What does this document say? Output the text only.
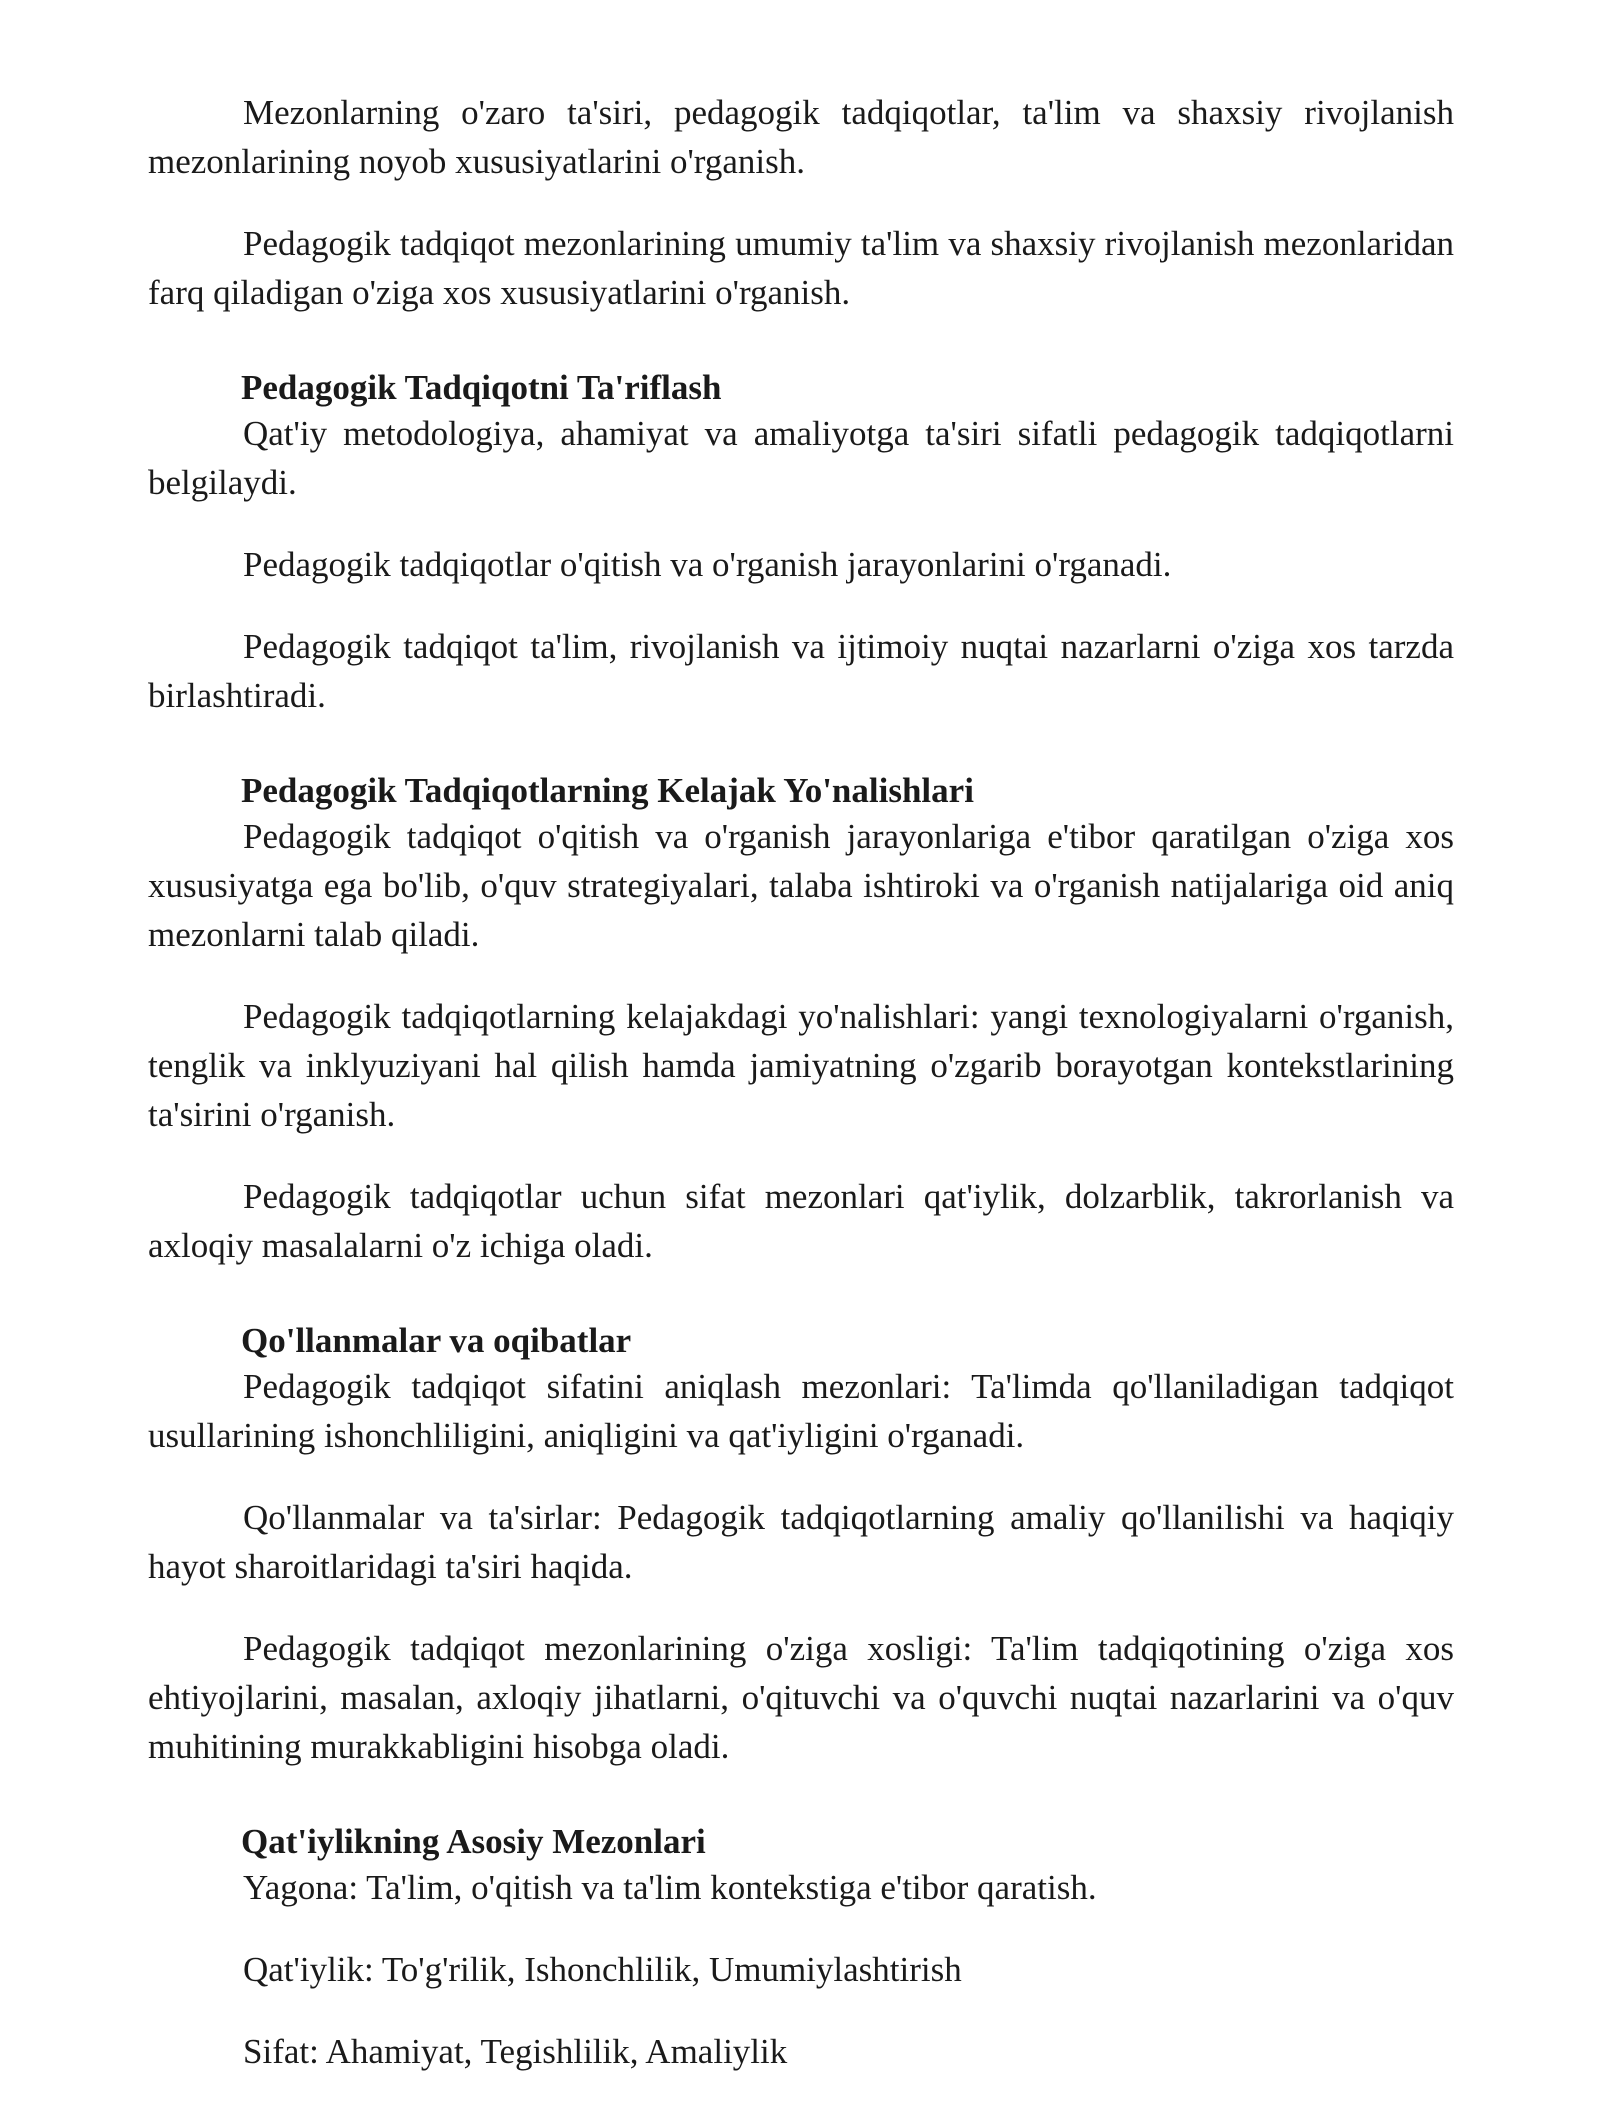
Mezonlarning o'zaro ta'siri, pedagogik tadqiqotlar, ta'lim va shaxsiy rivojlanish mezonlarining noyob xususiyatlarini o'rganish.

Pedagogik tadqiqot mezonlarining umumiy ta'lim va shaxsiy rivojlanish mezonlaridan farq qiladigan o'ziga xos xususiyatlarini o'rganish.

Pedagogik Tadqiqotni Ta'riflash

Qat'iy metodologiya, ahamiyat va amaliyotga ta'siri sifatli pedagogik tadqiqotlarni belgilaydi.

Pedagogik tadqiqotlar o'qitish va o'rganish jarayonlarini o'rganadi.

Pedagogik tadqiqot ta'lim, rivojlanish va ijtimoiy nuqtai nazarlarni o'ziga xos tarzda birlashtiradi.

Pedagogik Tadqiqotlarning Kelajak Yo'nalishlari

Pedagogik tadqiqot o'qitish va o'rganish jarayonlariga e'tibor qaratilgan o'ziga xos xususiyatga ega bo'lib, o'quv strategiyalari, talaba ishtiroki va o'rganish natijalariga oid aniq mezonlarni talab qiladi.

Pedagogik tadqiqotlarning kelajakdagi yo'nalishlari: yangi texnologiyalarni o'rganish, tenglik va inklyuziyani hal qilish hamda jamiyatning o'zgarib borayotgan kontekstlarining ta'sirini o'rganish.

Pedagogik tadqiqotlar uchun sifat mezonlari qat'iylik, dolzarblik, takrorlanish va axloqiy masalalarni o'z ichiga oladi.

Qo'llanmalar va oqibatlar

Pedagogik tadqiqot sifatini aniqlash mezonlari: Ta'limda qo'llaniladigan tadqiqot usullarining ishonchliligini, aniqligini va qat'iyligini o'rganadi.

Qo'llanmalar va ta'sirlar: Pedagogik tadqiqotlarning amaliy qo'llanilishi va haqiqiy hayot sharoitlaridagi ta'siri haqida.

Pedagogik tadqiqot mezonlarining o'ziga xosligi: Ta'lim tadqiqotining o'ziga xos ehtiyojlarini, masalan, axloqiy jihatlarni, o'qituvchi va o'quvchi nuqtai nazarlarini va o'quv muhitining murakkabligini hisobga oladi.

Qat'iylikning Asosiy Mezonlari

Yagona: Ta'lim, o'qitish va ta'lim kontekstiga e'tibor qaratish.

Qat'iylik: To'g'rilik, Ishonchlilik, Umumiylashtirish

Sifat: Ahamiyat, Tegishlilik, Amaliylik
